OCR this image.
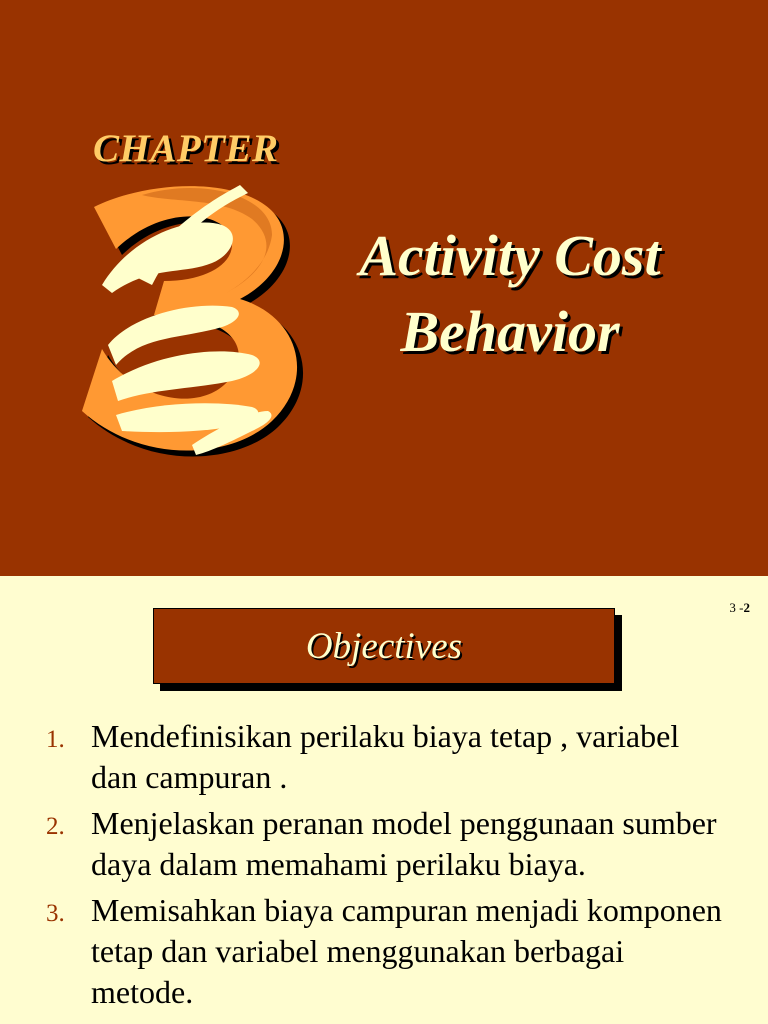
CHAPTER
Activity Cost
Behavior
3 -2
Objectives
1. Mendefinisikan perilaku biaya tetap , variabel dan campuran .
2. Menjelaskan peranan model penggunaan sumber daya dalam memahami perilaku biaya.
3. Memisahkan biaya campuran menjadi komponen tetap dan variabel menggunakan berbagai metode.
